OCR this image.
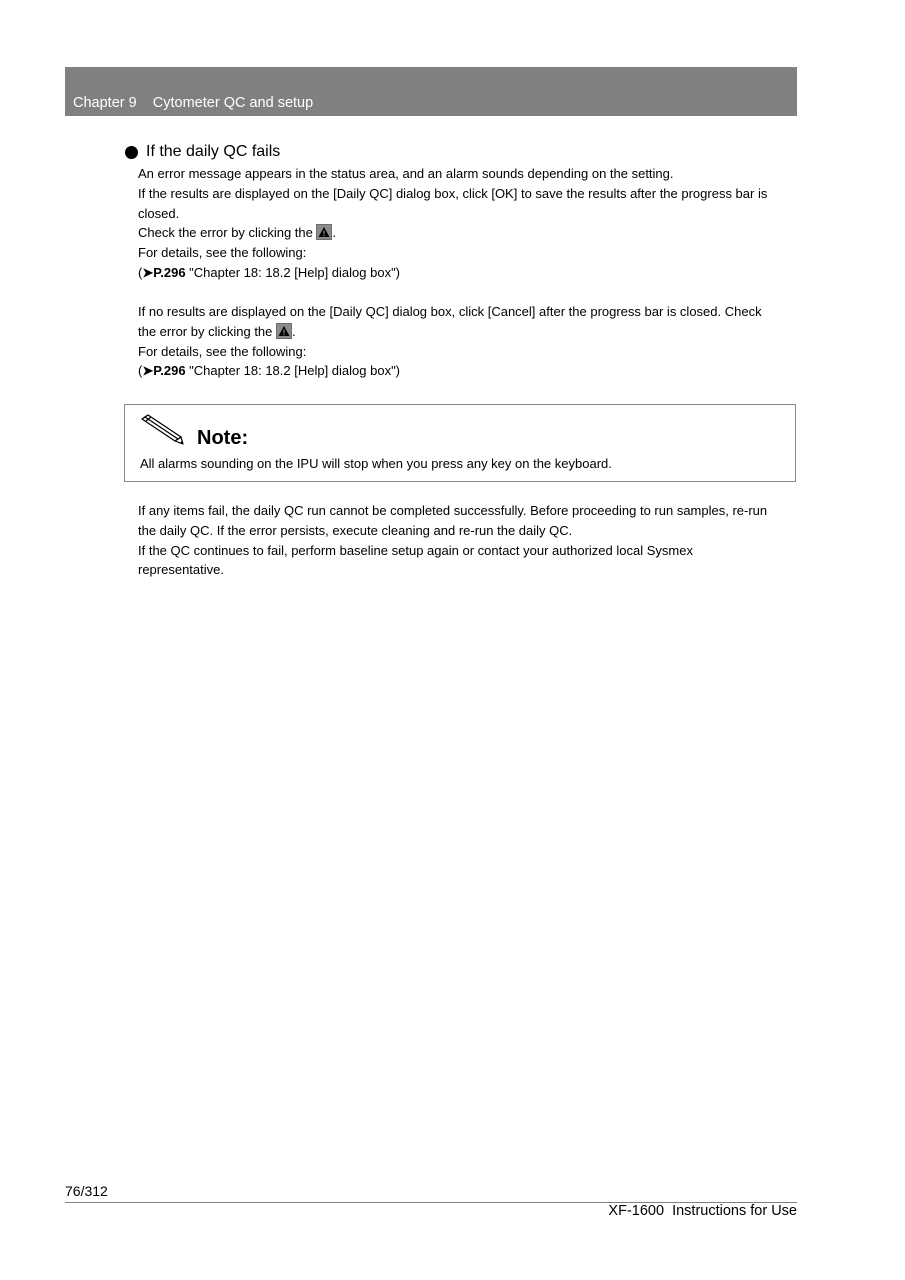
Chapter 9    Cytometer QC and setup
If the daily QC fails
An error message appears in the status area, and an alarm sounds depending on the setting.
If the results are displayed on the [Daily QC] dialog box, click [OK] to save the results after the progress bar is
closed.
Check the error by clicking the
.
For details, see the following:
(➤P.296 "Chapter 18: 18.2 [Help] dialog box")
If no results are displayed on the [Daily QC] dialog box, click [Cancel] after the progress bar is closed. Check
the error by clicking the
.
For details, see the following:
(➤P.296 "Chapter 18: 18.2 [Help] dialog box")
Note:
All alarms sounding on the IPU will stop when you press any key on the keyboard.
If any items fail, the daily QC run cannot be completed successfully. Before proceeding to run samples, re-run
the daily QC. If the error persists, execute cleaning and re-run the daily QC.
If the QC continues to fail, perform baseline setup again or contact your authorized local Sysmex
representative.
76/312
XF-1600  Instructions for Use
